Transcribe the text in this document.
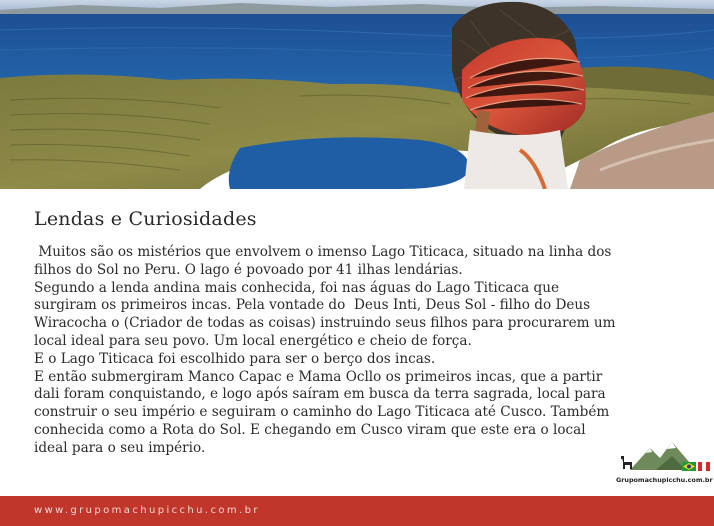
Lendas e Curiosidades
Muitos são os mistérios que envolvem o imenso Lago Titicaca, situado na linha dos
filhos do Sol no Peru. O lago é povoado por 41 ilhas lendárias.
Segundo a lenda andina mais conhecida, foi nas águas do Lago Titicaca que
surgiram os primeiros incas. Pela vontade do  Deus Inti, Deus Sol - filho do Deus
Wiracocha o (Criador de todas as coisas) instruindo seus filhos para procurarem um
local ideal para seu povo. Um local energético e cheio de força.
E o Lago Titicaca foi escolhido para ser o berço dos incas.
E então submergiram Manco Capac e Mama Ocllo os primeiros incas, que a partir
dali foram conquistando, e logo após saíram em busca da terra sagrada, local para
construir o seu império e seguiram o caminho do Lago Titicaca até Cusco. Também
conhecida como a Rota do Sol. E chegando em Cusco viram que este era o local
ideal para o seu império.
Grupomachupicchu.com.br
www.grupomachupicchu.com.br
